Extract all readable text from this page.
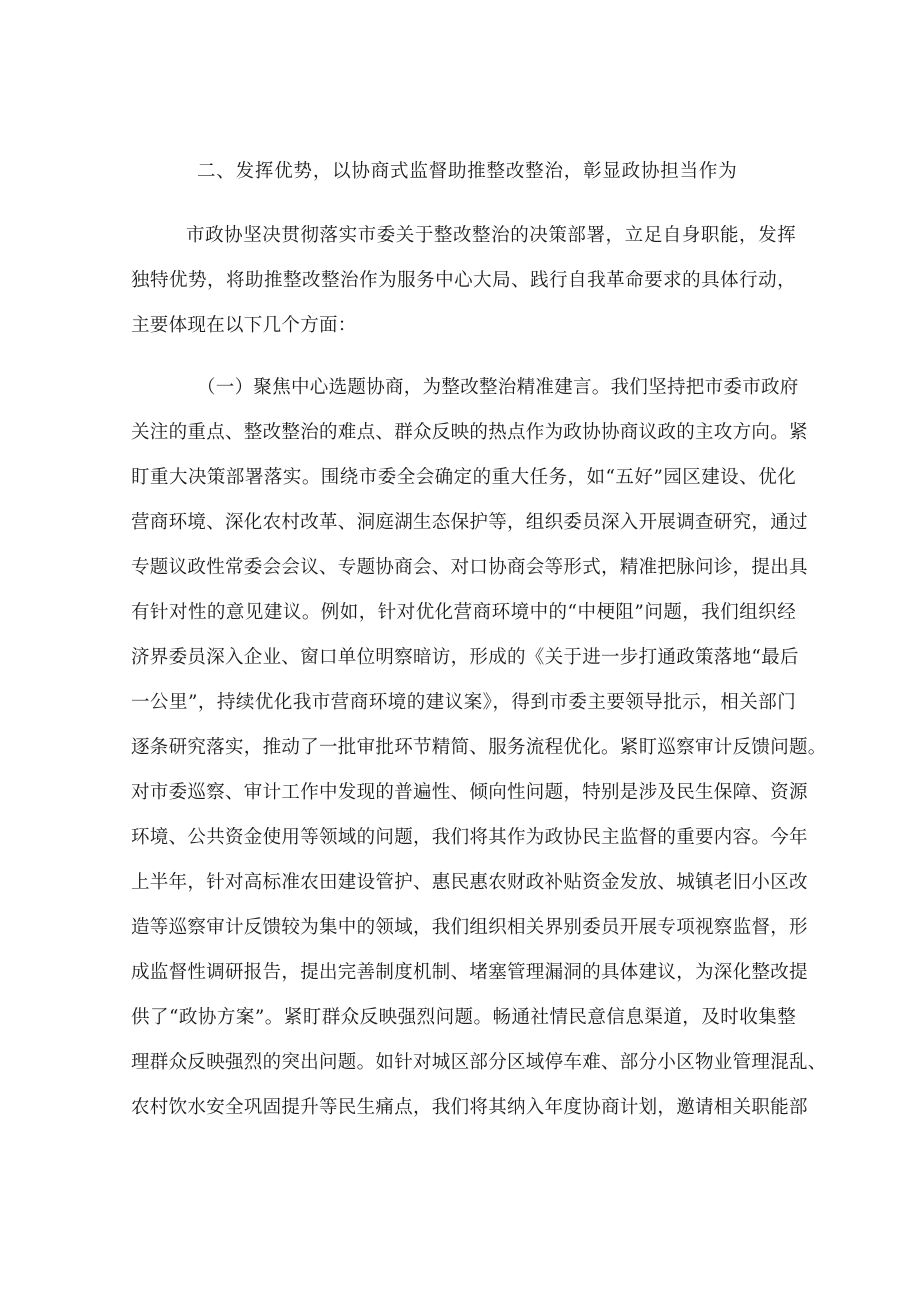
二、发挥优势，以协商式监督助推整改整治，彰显政协担当作为

市政协坚决贯彻落实市委关于整改整治的决策部署，立足自身职能，发挥

独特优势，将助推整改整治作为服务中心大局、践行自我革命要求的具体行动，

主要体现在以下几个方面：

（一）聚焦中心选题协商，为整改整治精准建言。我们坚持把市委市政府

关注的重点、整改整治的难点、群众反映的热点作为政协协商议政的主攻方向。紧

盯重大决策部署落实。围绕市委全会确定的重大任务，如“五好”园区建设、优化

营商环境、深化农村改革、洞庭湖生态保护等，组织委员深入开展调查研究，通过

专题议政性常委会会议、专题协商会、对口协商会等形式，精准把脉问诊，提出具

有针对性的意见建议。例如，针对优化营商环境中的“中梗阻”问题，我们组织经

济界委员深入企业、窗口单位明察暗访，形成的《关于进一步打通政策落地“最后

一公里”，持续优化我市营商环境的建议案》，得到市委主要领导批示，相关部门

逐条研究落实，推动了一批审批环节精简、服务流程优化。紧盯巡察审计反馈问题。

对市委巡察、审计工作中发现的普遍性、倾向性问题，特别是涉及民生保障、资源

环境、公共资金使用等领域的问题，我们将其作为政协民主监督的重要内容。今年

上半年，针对高标准农田建设管护、惠民惠农财政补贴资金发放、城镇老旧小区改

造等巡察审计反馈较为集中的领域，我们组织相关界别委员开展专项视察监督，形

成监督性调研报告，提出完善制度机制、堵塞管理漏洞的具体建议，为深化整改提

供了“政协方案”。紧盯群众反映强烈问题。畅通社情民意信息渠道，及时收集整

理群众反映强烈的突出问题。如针对城区部分区域停车难、部分小区物业管理混乱、

农村饮水安全巩固提升等民生痛点，我们将其纳入年度协商计划，邀请相关职能部
